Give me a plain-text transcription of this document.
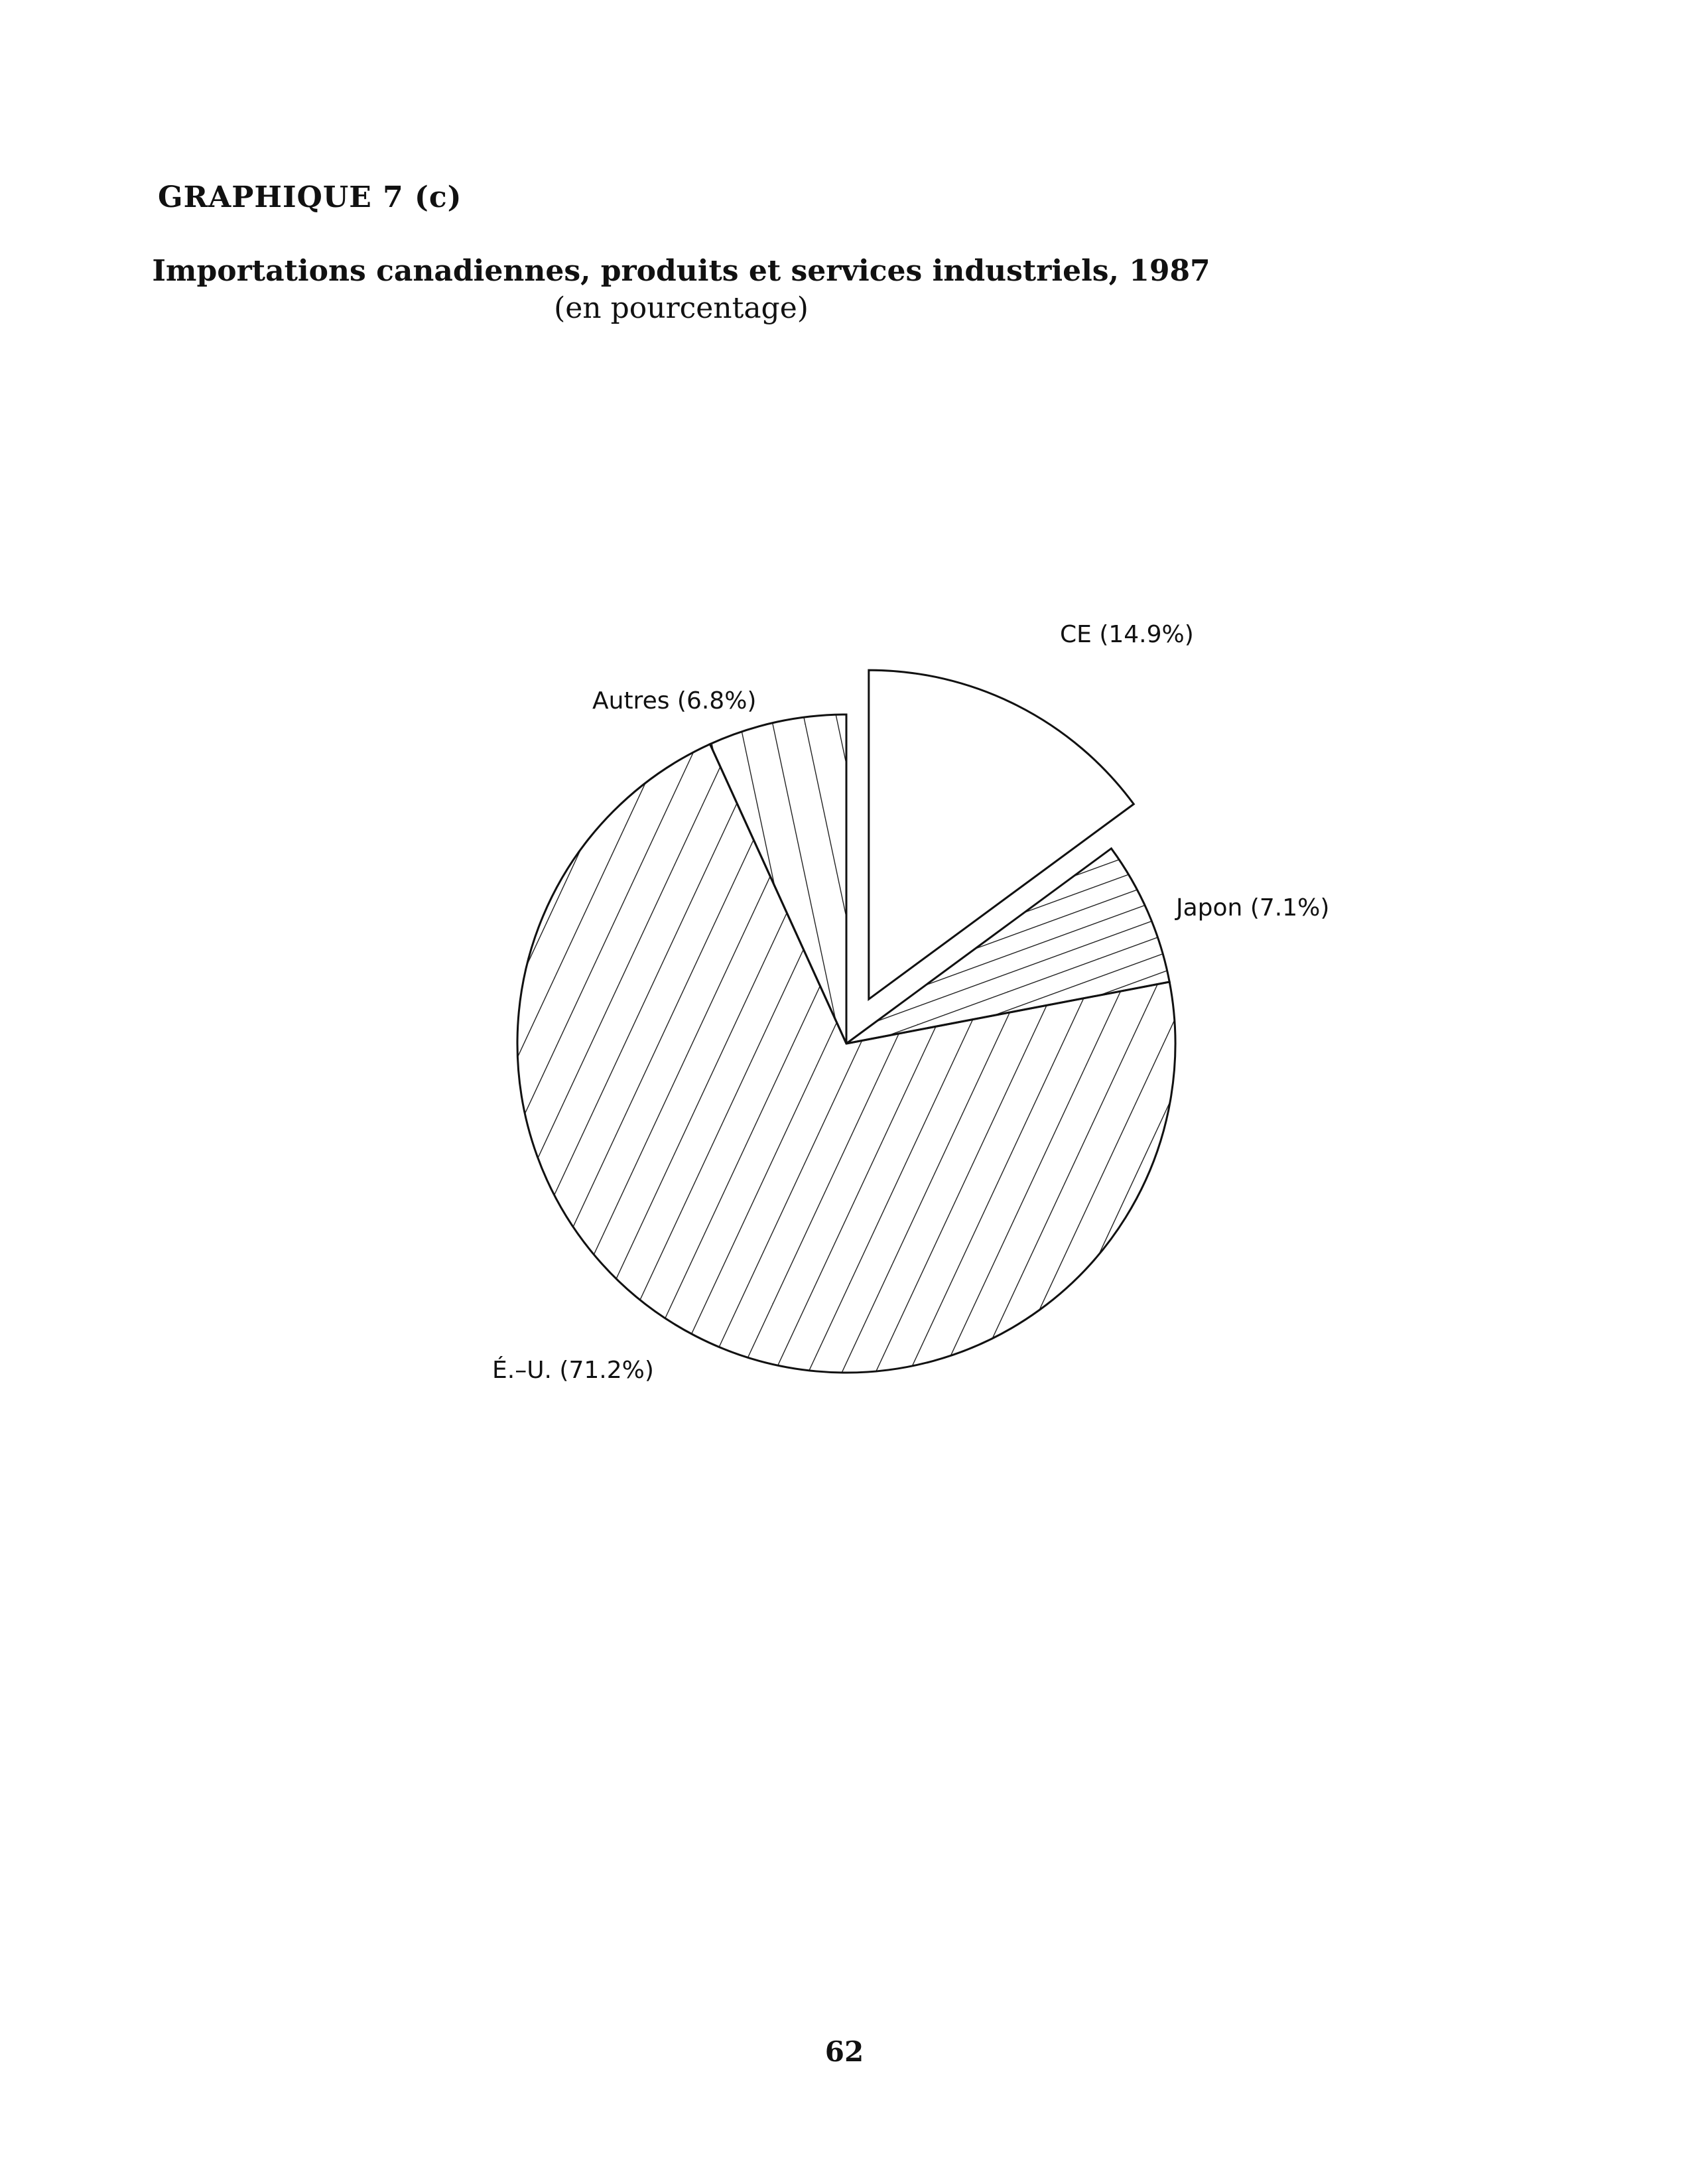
GRAPHIQUE 7 (c)
Importations canadiennes, produits et services industriels, 1987
(en pourcentage)
CE (14.9%)
Japon (7.1%)
É.–U. (71.2%)
Autres (6.8%)
62
